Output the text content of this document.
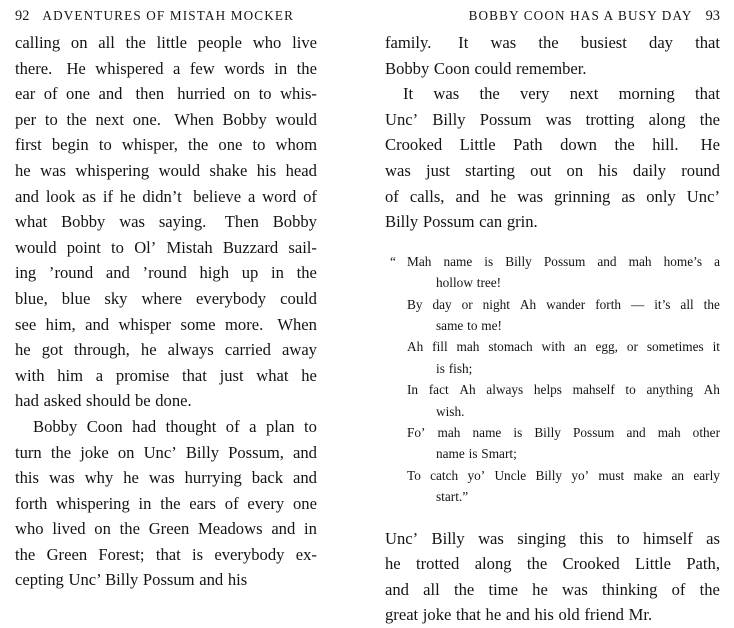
92 ADVENTURES OF MISTAH MOCKER

calling on all the little people who live
there. He whispered a few words in the
ear of one and then hurried on to whis-
per to the next one. When Bobby would
first begin to whisper, the one to whom
he was whispering would shake his head
and look as if he didn’t believe a word of
what Bobby was saying. Then Bobby
would point to Ol’ Mistah Buzzard sail-
ing ’round and ’round high up in the
blue, blue sky where everybody could
see him, and whisper some more. When
he got through, he always carried away
with him a promise that just what he
had asked should be done.

Bobby Coon had thought of a plan to
turn the joke on Unc’ Billy Possum, and
this was why he was hurrying back and
forth whispering in the ears of every one
who lived on the Green Meadows and in
the Green Forest; that is everybody ex-
cepting Unc’ Billy Possum and his

BOBBY COON HAS A BUSY DAY 93

family. It was the busiest day that
Bobby Coon could remember.

It was the very next morning that
Unc’ Billy Possum was trotting along the
Crooked Little Path down the hill. He
was just starting out on his daily round
of calls, and he was grinning as only Unc’
Billy Possum can grin.

“ Mah name is Billy Possum and mah home’s a
hollow tree!
By day or night Ah wander forth — it’s all the
same to me!
Ah fill mah stomach with an egg, or sometimes it
is fish;
In fact Ah always helps mahself to anything Ah
wish.
Fo’ mah name is Billy Possum and mah other
name is Smart;
To catch yo’ Uncle Billy yo’ must make an early
start.”

Unc’ Billy was singing this to himself as
he trotted along the Crooked Little Path,
and all the time he was thinking of the
great joke that he and his old friend Mr.
